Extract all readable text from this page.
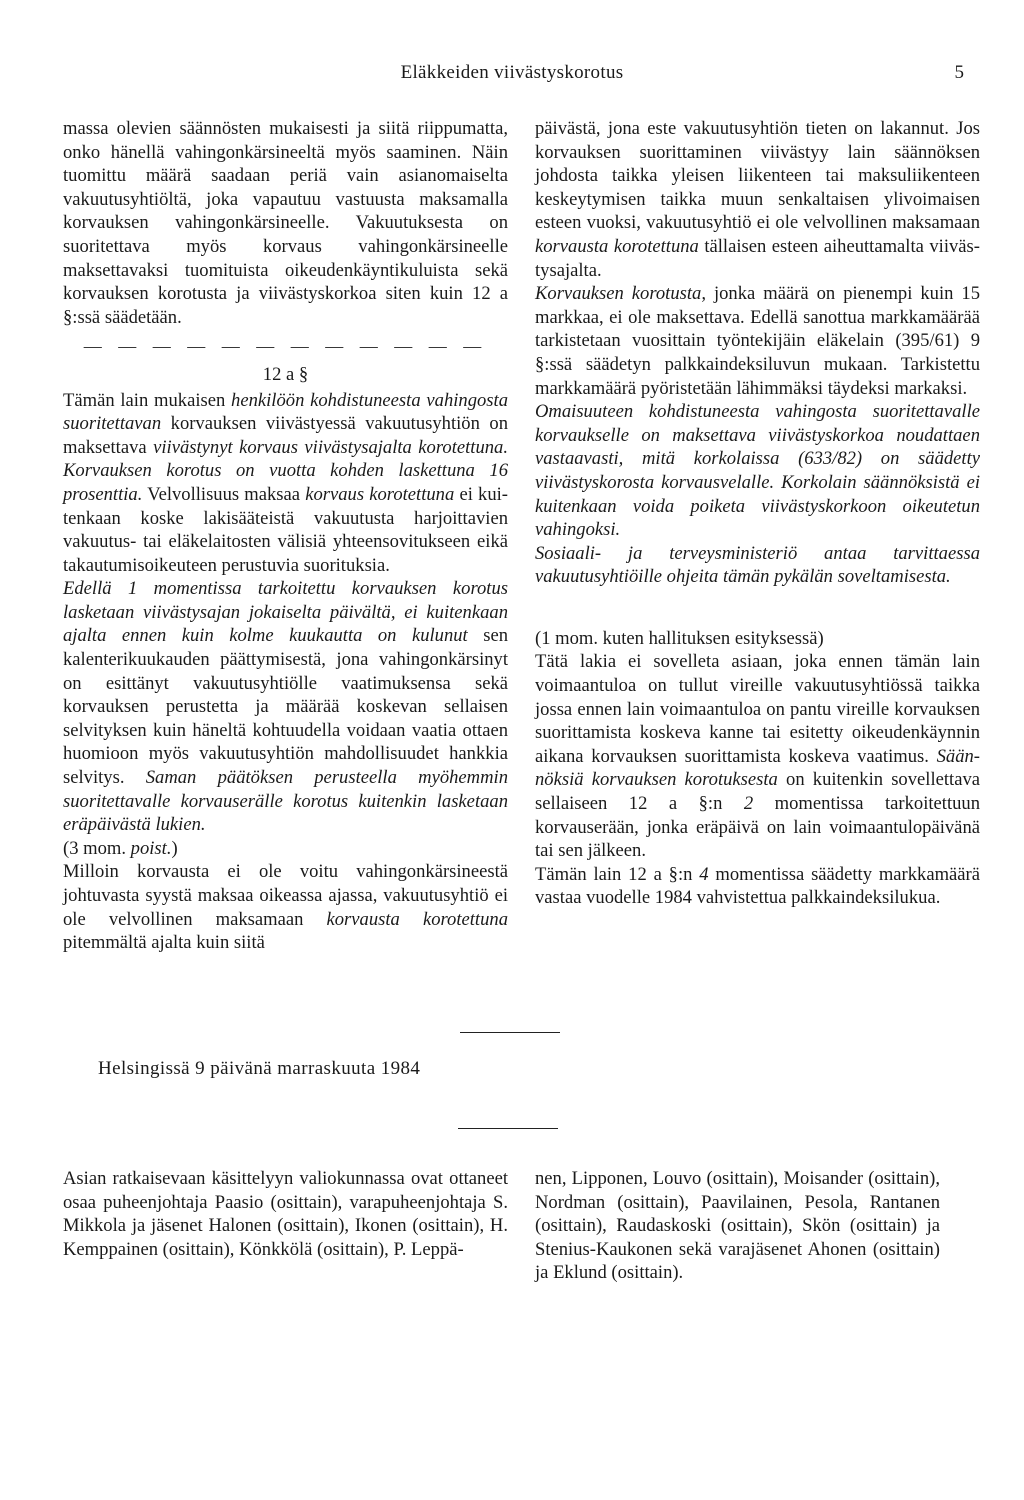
Eläkkeiden viivästyskorotus	5

massa olevien säännösten mukaisesti ja siitä riippumatta, onko hänellä vahingonkärsineeltä myös saaminen. Näin tuomittu määrä saadaan periä vain asianomaiselta vakuutusyhtiöltä, joka vapautuu vastuusta maksamalla korvauksen vahingonkärsineelle. Vakuutuksesta on suoritettava myös korvaus vahingonkärsineelle maksettavaksi tuomituista oikeudenkäyntikuluista sekä korvauksen korotusta ja viivästyskorkoa siten kuin 12 a §:ssä säädetään.

— — — — — — — — — — — —
12 a §

Tämän lain mukaisen henkilöön kohdistuneesta vahingosta suoritettavan korvauksen viivästyessä vakuutusyhtiön on maksettava viivästynyt korvaus viivästysajalta korotettuna. Korvauksen korotus on vuotta kohden laskettuna 16 prosenttia. Velvollisuus maksaa korvaus korotettuna ei kuitenkaan koske lakisääteistä vakuutusta harjoittavien vakuutus- tai eläkelaitosten välisiä yhteensovitukseen eikä takautumisoikeuteen perustuvia suorituksia.

Edellä 1 momentissa tarkoitettu korvauksen korotus lasketaan viivästysajan jokaiselta päivältä, ei kuitenkaan ajalta ennen kuin kolme kuukautta on kulunut sen kalenterikuukauden päättymisestä, jona vahingonkärsinyt on esittänyt vakuutusyhtiölle vaatimuksensa sekä korvauksen perustetta ja määrää koskevan sellaisen selvityksen kuin häneltä kohtuudella voidaan vaatia ottaen huomioon myös vakuutusyhtiön mahdollisuudet hankkia selvitys. Saman päätöksen perusteella myöhemmin suoritettavalle korvauserälle korotus kuitenkin lasketaan eräpäivästä lukien.

(3 mom. poist.)

Milloin korvausta ei ole voitu vahingonkärsineestä johtuvasta syystä maksaa oikeassa ajassa, vakuutusyhtiö ei ole velvollinen maksamaan korvausta korotettuna pitemmältä ajalta kuin siitä

päivästä, jona este vakuutusyhtiön tieten on lakannut. Jos korvauksen suorittaminen viivästyy lain säännöksen johdosta taikka yleisen liikenteen tai maksuliikenteen keskeytymisen taikka muun senkaltaisen ylivoimaisen esteen vuoksi, vakuutusyhtiö ei ole velvollinen maksamaan korvausta korotettuna tällaisen esteen aiheuttamalta viivästysajalta.

Korvauksen korotusta, jonka määrä on pienempi kuin 15 markkaa, ei ole maksettava. Edellä sanottua markkamäärää tarkistetaan vuosittain työntekijäin eläkelain (395/61) 9 §:ssä säädetyn palkkaindeksiluvun mukaan. Tarkistettu markkamäärä pyöristetään lähimmäksi täydeksi markaksi.

Omaisuuteen kohdistuneesta vahingosta suoritettavalle korvaukselle on maksettava viivästyskorkoa noudattaen vastaavasti, mitä korkolaissa (633/82) on säädetty viivästyskorosta korvausvelalle. Korkolain säännöksistä ei kuitenkaan voida poiketa viivästyskorkoon oikeutetun vahingoksi.

Sosiaali- ja terveysministeriö antaa tarvittaessa vakuutusyhtiöille ohjeita tämän pykälän soveltamisesta.

(1 mom. kuten hallituksen esityksessä)

Tätä lakia ei sovelleta asiaan, joka ennen tämän lain voimaantuloa on tullut vireille vakuutusyhtiössä taikka jossa ennen lain voimaantuloa on pantu vireille korvauksen suorittamista koskeva kanne tai esitetty oikeudenkäynnin aikana korvauksen suorittamista koskeva vaatimus. Säännöksiä korvauksen korotuksesta on kuitenkin sovellettava sellaiseen 12 a §:n 2 momentissa tarkoitettuun korvauserään, jonka eräpäivä on lain voimaantulopäivänä tai sen jälkeen.

Tämän lain 12 a §:n 4 momentissa säädetty markkamäärä vastaa vuodelle 1984 vahvistettua palkkaindeksilukua.

Helsingissä 9 päivänä marraskuuta 1984
Asian ratkaisevaan käsittelyyn valiokunnassa ovat ottaneet osaa puheenjohtaja Paasio (osittain), varapuheenjohtaja S. Mikkola ja jäsenet Halonen (osittain), Ikonen (osittain), H. Kemppainen (osittain), Könkkölä (osittain), P. Leppä-
nen, Lipponen, Louvo (osittain), Moisander (osittain), Nordman (osittain), Paavilainen, Pesola, Rantanen (osittain), Raudaskoski (osittain), Skön (osittain) ja Stenius-Kaukonen sekä varajäsenet Ahonen (osittain) ja Eklund (osittain).
